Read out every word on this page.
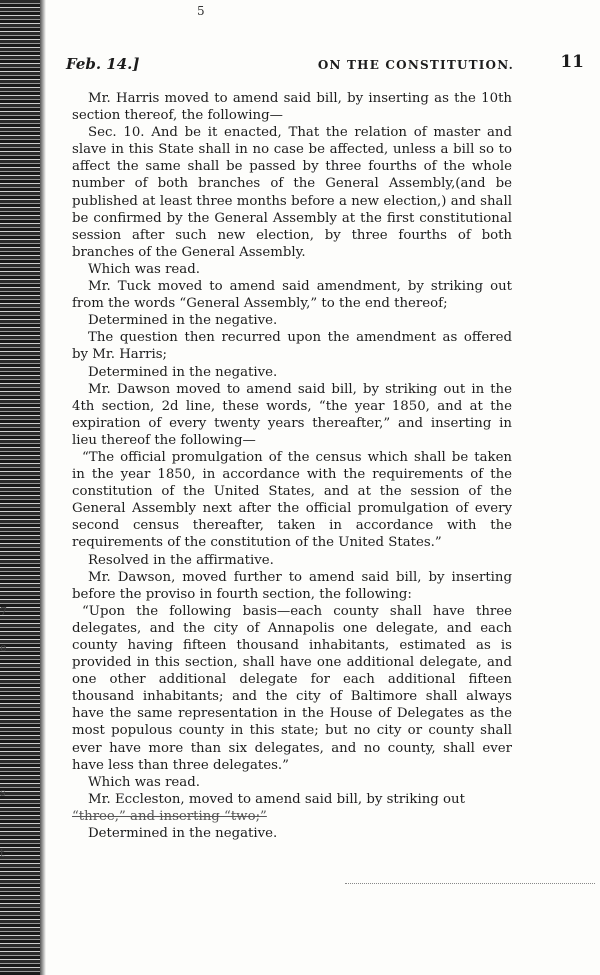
7
e
s
t
5
Feb. 14.]	ON THE CONSTITUTION.	11

Mr. Harris moved to amend said bill, by inserting as the 10th section thereof, the following—

Sec. 10. And be it enacted, That the relation of master and slave in this State shall in no case be affected, unless a bill so to affect the same shall be passed by three fourths of the whole number of both branches of the General Assembly,(and be published at least three months before a new election,) and shall be confirmed by the General Assembly at the first constitutional session after such new election, by three fourths of both branches of the General Assembly.

Which was read.

Mr. Tuck moved to amend said amendment, by striking out from the words “General Assembly,” to the end thereof;

Determined in the negative.

The question then recurred upon the amendment as offered by Mr. Harris;

Determined in the negative.

Mr. Dawson moved to amend said bill, by striking out in the 4th section, 2d line, these words, “the year 1850, and at the expiration of every twenty years thereafter,” and inserting in lieu thereof the following—

“The official promulgation of the census which shall be taken in the year 1850, in accordance with the requirements of the constitution of the United States, and at the session of the General Assembly next after the official promulgation of every second census thereafter, taken in accordance with the requirements of the constitution of the United States.”

Resolved in the affirmative.

Mr. Dawson, moved further to amend said bill, by inserting before the proviso in fourth section, the following:

“Upon the following basis—each county shall have three delegates, and the city of Annapolis one delegate, and each county having fifteen thousand inhabitants, estimated as is provided in this section, shall have one additional delegate, and one other additional delegate for each additional fifteen thousand inhabitants; and the city of Baltimore shall always have the same representation in the House of Delegates as the most populous county in this state; but no city or county shall ever have more than six delegates, and no county, shall ever have less than three delegates.”

Which was read.

Mr. Eccleston, moved to amend said bill, by striking out

“three,” and inserting “two;”

Determined in the negative.
